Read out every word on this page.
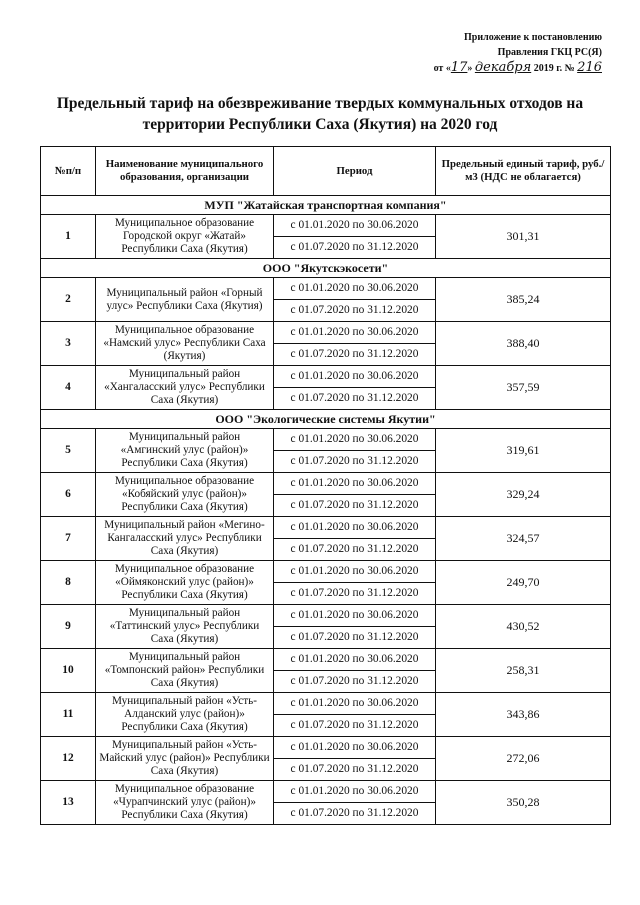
Приложение к постановлению
Правления ГКЦ РС(Я)
от «17» декабря 2019 г. № 216
Предельный тариф на обезвреживание твердых коммунальных отходов на территории Республики Саха (Якутия) на 2020 год
№п/п	Наименование муниципального образования, организации	Период	Предельный единый тариф, руб./м3 (НДС не облагается)
МУП "Жатайская транспортная компания"			
1	Муниципальное образование Городской округ «Жатай» Республики Саха (Якутия)	с 01.01.2020 по 30.06.2020	301,31
		с 01.07.2020 по 31.12.2020	
ООО "Якутскэкосети"			
2	Муниципальный район «Горный улус» Республики Саха (Якутия)	с 01.01.2020 по 30.06.2020	385,24
		с 01.07.2020 по 31.12.2020	
3	Муниципальное образование «Намский улус» Республики Саха (Якутия)	с 01.01.2020 по 30.06.2020	388,40
		с 01.07.2020 по 31.12.2020	
4	Муниципальный район «Хангаласский улус» Республики Саха (Якутия)	с 01.01.2020 по 30.06.2020	357,59
		с 01.07.2020 по 31.12.2020	
ООО "Экологические системы Якутии"			
5	Муниципальный район «Амгинский улус (район)» Республики Саха (Якутия)	с 01.01.2020 по 30.06.2020	319,61
		с 01.07.2020 по 31.12.2020	
6	Муниципальное образование «Кобяйский улус (район)» Республики Саха (Якутия)	с 01.01.2020 по 30.06.2020	329,24
		с 01.07.2020 по 31.12.2020	
7	Муниципальный район «Мегино-Кангаласский улус» Республики Саха (Якутия)	с 01.01.2020 по 30.06.2020	324,57
		с 01.07.2020 по 31.12.2020	
8	Муниципальное образование «Оймяконский улус (район)» Республики Саха (Якутия)	с 01.01.2020 по 30.06.2020	249,70
		с 01.07.2020 по 31.12.2020	
9	Муниципальный район «Таттинский улус» Республики Саха (Якутия)	с 01.01.2020 по 30.06.2020	430,52
		с 01.07.2020 по 31.12.2020	
10	Муниципальный район «Томпонский район» Республики Саха (Якутия)	с 01.01.2020 по 30.06.2020	258,31
		с 01.07.2020 по 31.12.2020	
11	Муниципальный район «Усть-Алданский улус (район)» Республики Саха (Якутия)	с 01.01.2020 по 30.06.2020	343,86
		с 01.07.2020 по 31.12.2020	
12	Муниципальный район «Усть-Майский улус (район)» Республики Саха (Якутия)	с 01.01.2020 по 30.06.2020	272,06
		с 01.07.2020 по 31.12.2020	
13	Муниципальное образование «Чурапчинский улус (район)» Республики Саха (Якутия)	с 01.01.2020 по 30.06.2020	350,28
		с 01.07.2020 по 31.12.2020	
